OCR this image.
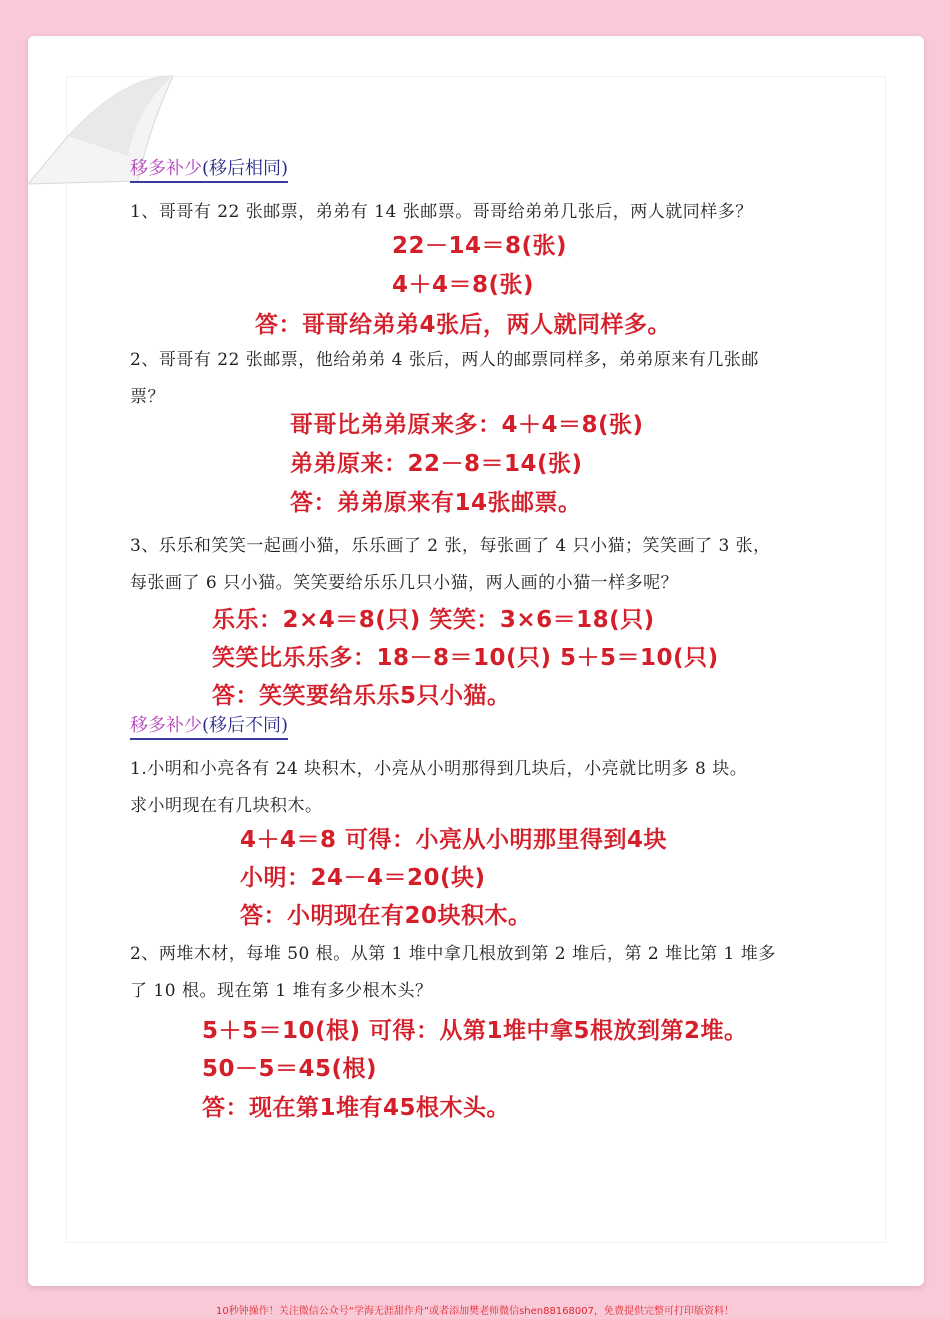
移多补少(移后相同)
1、哥哥有 22 张邮票，弟弟有 14 张邮票。哥哥给弟弟几张后，两人就同样多？
22－14＝8(张)
4＋4＝8(张)
答：哥哥给弟弟4张后，两人就同样多。
2、哥哥有 22 张邮票，他给弟弟 4 张后，两人的邮票同样多，弟弟原来有几张邮
票？
哥哥比弟弟原来多：4＋4＝8(张)
弟弟原来：22－8＝14(张)
答：弟弟原来有14张邮票。
3、乐乐和笑笑一起画小猫，乐乐画了 2 张，每张画了 4 只小猫；笑笑画了 3 张，
每张画了 6 只小猫。笑笑要给乐乐几只小猫，两人画的小猫一样多呢？
乐乐：2×4＝8(只) 笑笑：3×6＝18(只)
笑笑比乐乐多：18－8＝10(只) 5＋5＝10(只)
答：笑笑要给乐乐5只小猫。
移多补少(移后不同)
1.小明和小亮各有 24 块积木，小亮从小明那得到几块后，小亮就比明多 8 块。
求小明现在有几块积木。
4＋4＝8 可得：小亮从小明那里得到4块
小明：24－4＝20(块)
答：小明现在有20块积木。
2、两堆木材，每堆 50 根。从第 1 堆中拿几根放到第 2 堆后，第 2 堆比第 1 堆多
了 10 根。现在第 1 堆有多少根木头？
5＋5＝10(根) 可得：从第1堆中拿5根放到第2堆。
50－5＝45(根)
答：现在第1堆有45根木头。
10秒钟操作！关注微信公众号“学海无涯甜作舟”或者添加樊老师微信shen88168007，免费提供完整可打印版资料！
